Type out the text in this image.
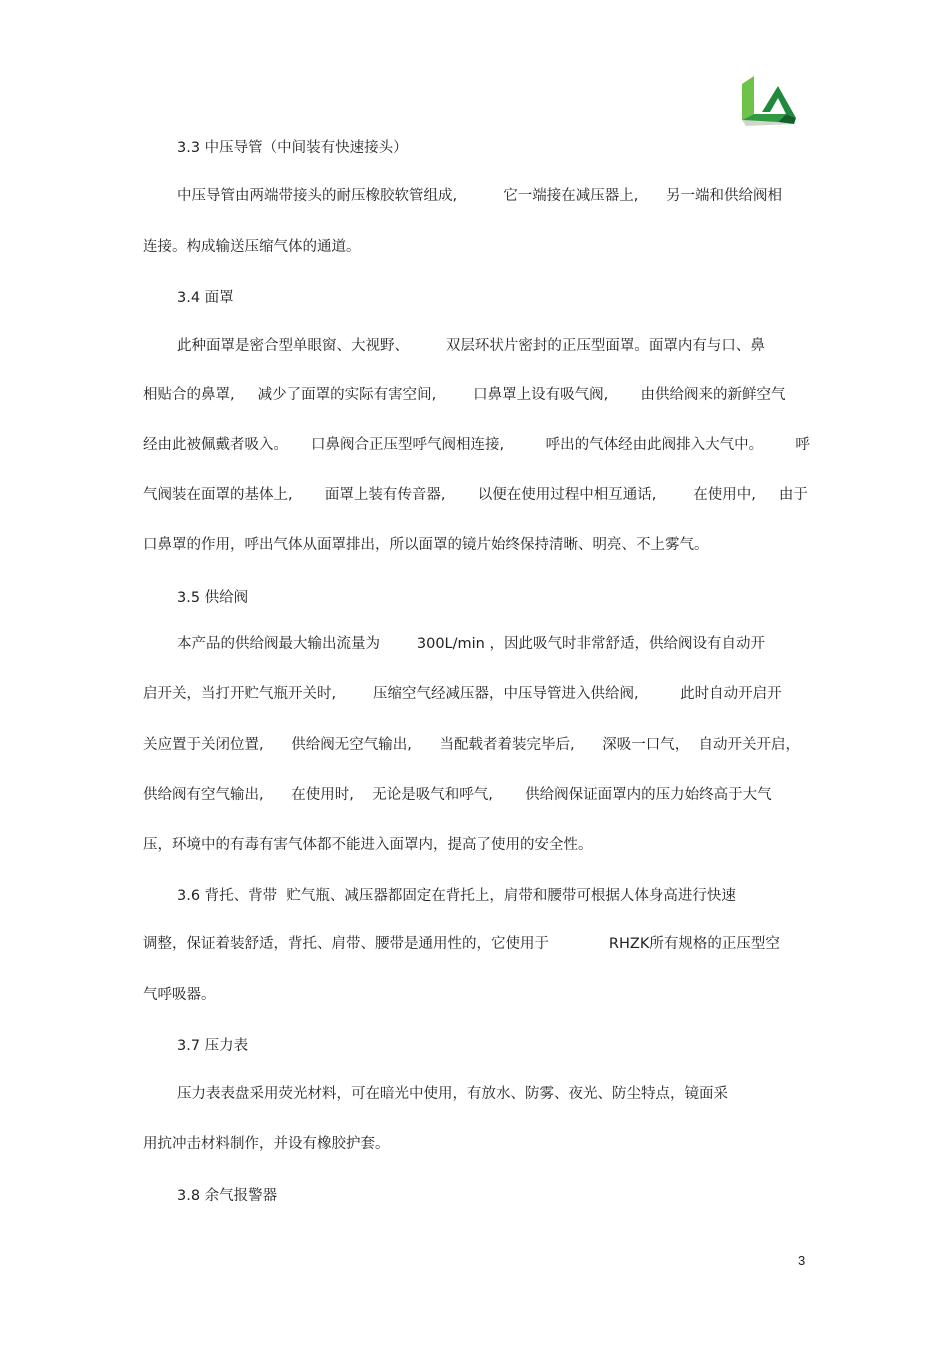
3.3 中压导管（中间装有快速接头）
中压导管由两端带接头的耐压橡胶软管组成,          它一端接在减压器上,      另一端和供给阀相
连接。构成输送压缩气体的通道。
3.4 面罩
此种面罩是密合型单眼窗、大视野、        双层环状片密封的正压型面罩。面罩内有与口、鼻
相贴合的鼻罩,     减少了面罩的实际有害空间,        口鼻罩上设有吸气阀,       由供给阀来的新鲜空气
经由此被佩戴者吸入。     口鼻阀合正压型呼气阀相连接,         呼出的气体经由此阀排入大气中。       呼
气阀装在面罩的基体上,       面罩上装有传音器,       以便在使用过程中相互通话,        在使用中,     由于
口鼻罩的作用，呼出气体从面罩排出，所以面罩的镜片始终保持清晰、明亮、不上雾气。
3.5 供给阀
本产品的供给阀最大输出流量为        300L/min ，因此吸气时非常舒适，供给阀设有自动开
启开关，当打开贮气瓶开关时,        压缩空气经减压器，中压导管进入供给阀,         此时自动开启开
关应置于关闭位置,      供给阀无空气输出,      当配载者着装完毕后,      深吸一口气，  自动开关开启，
供给阀有空气输出,      在使用时,    无论是吸气和呼气,       供给阀保证面罩内的压力始终高于大气
压，环境中的有毒有害气体都不能进入面罩内，提高了使用的安全性。
3.6 背托、背带  贮气瓶、减压器都固定在背托上，肩带和腰带可根据人体身高进行快速
调整，保证着装舒适，背托、肩带、腰带是通用性的，它使用于             RHZK所有规格的正压型空
气呼吸器。
3.7 压力表
压力表表盘采用荧光材料，可在暗光中使用，有放水、防雾、夜光、防尘特点，镜面采
用抗冲击材料制作，并设有橡胶护套。
3.8 余气报警器
3
